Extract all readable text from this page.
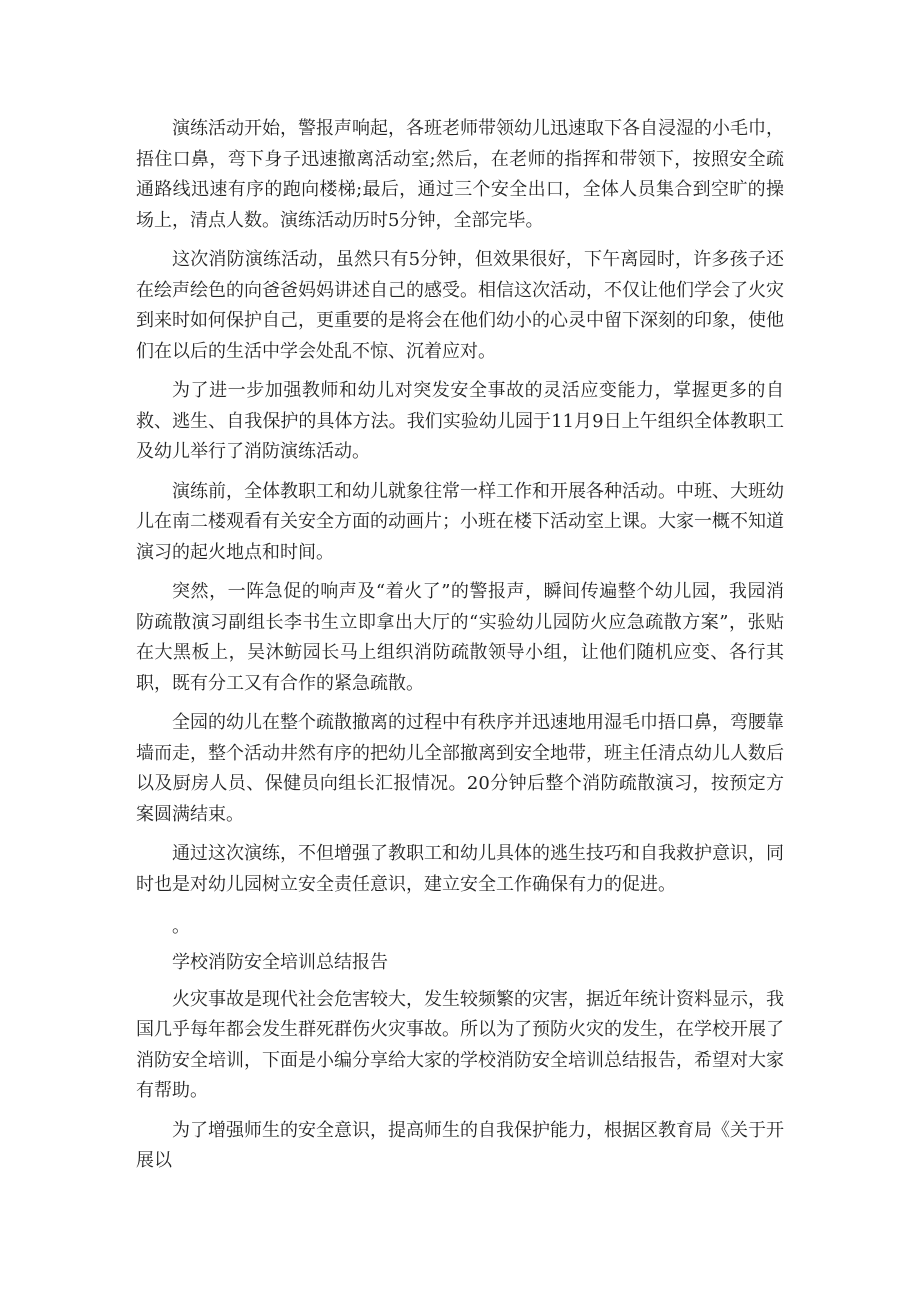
演练活动开始，警报声响起，各班老师带领幼儿迅速取下各自浸湿的小毛巾，捂住口鼻，弯下身子迅速撤离活动室;然后，在老师的指挥和带领下，按照安全疏通路线迅速有序的跑向楼梯;最后，通过三个安全出口，全体人员集合到空旷的操场上，清点人数。演练活动历时5分钟，全部完毕。

这次消防演练活动，虽然只有5分钟，但效果很好，下午离园时，许多孩子还在绘声绘色的向爸爸妈妈讲述自己的感受。相信这次活动，不仅让他们学会了火灾到来时如何保护自己，更重要的是将会在他们幼小的心灵中留下深刻的印象，使他们在以后的生活中学会处乱不惊、沉着应对。

为了进一步加强教师和幼儿对突发安全事故的灵活应变能力，掌握更多的自救、逃生、自我保护的具体方法。我们实验幼儿园于11月9日上午组织全体教职工及幼儿举行了消防演练活动。

演练前，全体教职工和幼儿就象往常一样工作和开展各种活动。中班、大班幼儿在南二楼观看有关安全方面的动画片；小班在楼下活动室上课。大家一概不知道演习的起火地点和时间。

突然，一阵急促的响声及“着火了”的警报声，瞬间传遍整个幼儿园，我园消防疏散演习副组长李书生立即拿出大厅的“实验幼儿园防火应急疏散方案”，张贴在大黑板上，吴沐鲂园长马上组织消防疏散领导小组，让他们随机应变、各行其职，既有分工又有合作的紧急疏散。

全园的幼儿在整个疏散撤离的过程中有秩序并迅速地用湿毛巾捂口鼻，弯腰靠墙而走，整个活动井然有序的把幼儿全部撤离到安全地带，班主任清点幼儿人数后以及厨房人员、保健员向组长汇报情况。20分钟后整个消防疏散演习，按预定方案圆满结束。

通过这次演练，不但增强了教职工和幼儿具体的逃生技巧和自我救护意识，同时也是对幼儿园树立安全责任意识，建立安全工作确保有力的促进。

。
学校消防安全培训总结报告

火灾事故是现代社会危害较大，发生较频繁的灾害，据近年统计资料显示，我国几乎每年都会发生群死群伤火灾事故。所以为了预防火灾的发生，在学校开展了消防安全培训，下面是小编分享给大家的学校消防安全培训总结报告，希望对大家有帮助。

为了增强师生的安全意识，提高师生的自我保护能力，根据区教育局《关于开展以
